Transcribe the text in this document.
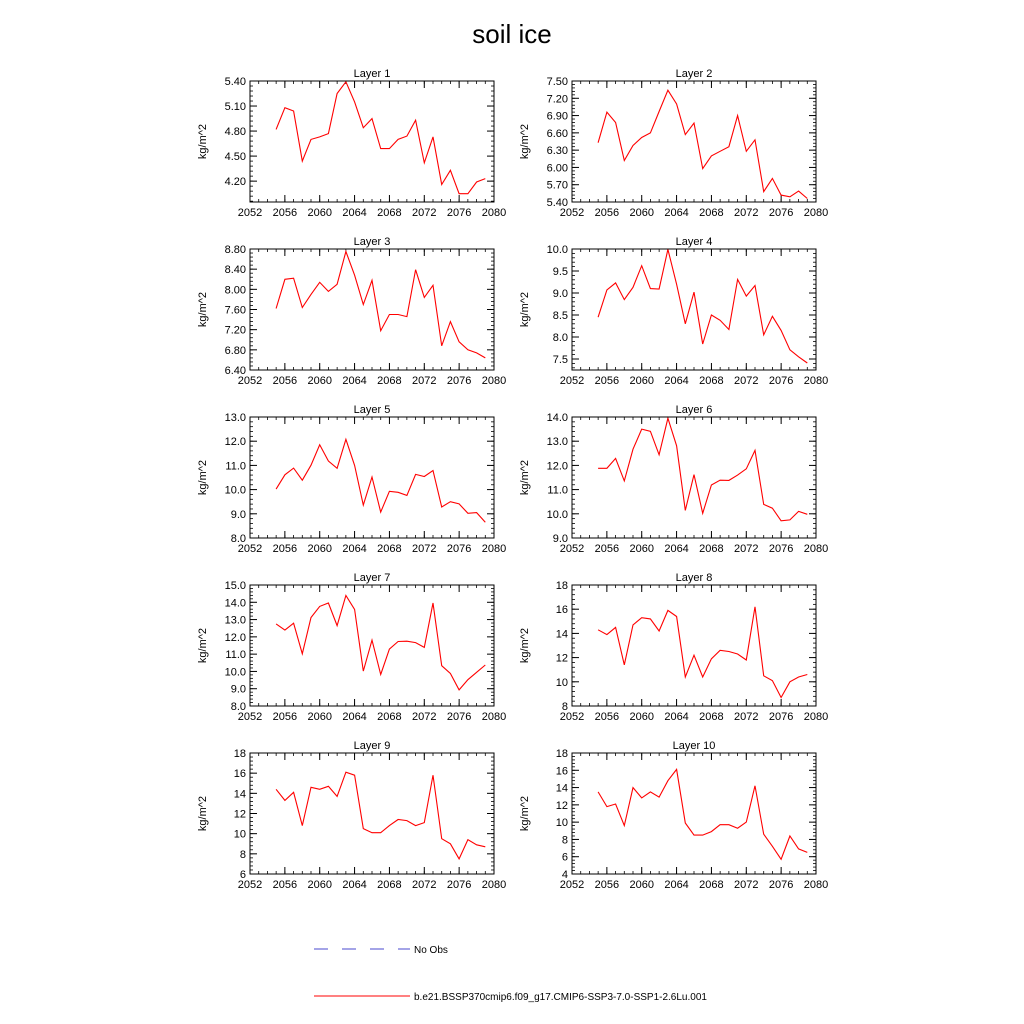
soil ice
Layer 1
kg/m^2
2052 2056 2060 2064 2068 2072 2076 2080
4.20
4.50
4.80
5.10
5.40
Layer 2
kg/m^2
2052 2056 2060 2064 2068 2072 2076 2080
5.40
5.70
6.00
6.30
6.60
6.90
7.20
7.50
Layer 3
kg/m^2
2052 2056 2060 2064 2068 2072 2076 2080
6.40
6.80
7.20
7.60
8.00
8.40
8.80
Layer 4
kg/m^2
2052 2056 2060 2064 2068 2072 2076 2080
7.5
8.0
8.5
9.0
9.5
10.0
Layer 5
kg/m^2
2052 2056 2060 2064 2068 2072 2076 2080
8.0
9.0
10.0
11.0
12.0
13.0
Layer 6
kg/m^2
2052 2056 2060 2064 2068 2072 2076 2080
9.0
10.0
11.0
12.0
13.0
14.0
Layer 7
kg/m^2
2052 2056 2060 2064 2068 2072 2076 2080
8.0
9.0
10.0
11.0
12.0
13.0
14.0
15.0
Layer 8
kg/m^2
2052 2056 2060 2064 2068 2072 2076 2080
8
10
12
14
16
18
Layer 9
kg/m^2
2052 2056 2060 2064 2068 2072 2076 2080
6
8
10
12
14
16
18
Layer 10
kg/m^2
2052 2056 2060 2064 2068 2072 2076 2080
4
6
8
10
12
14
16
18
No Obs
b.e21.BSSP370cmip6.f09_g17.CMIP6-SSP3-7.0-SSP1-2.6Lu.001
